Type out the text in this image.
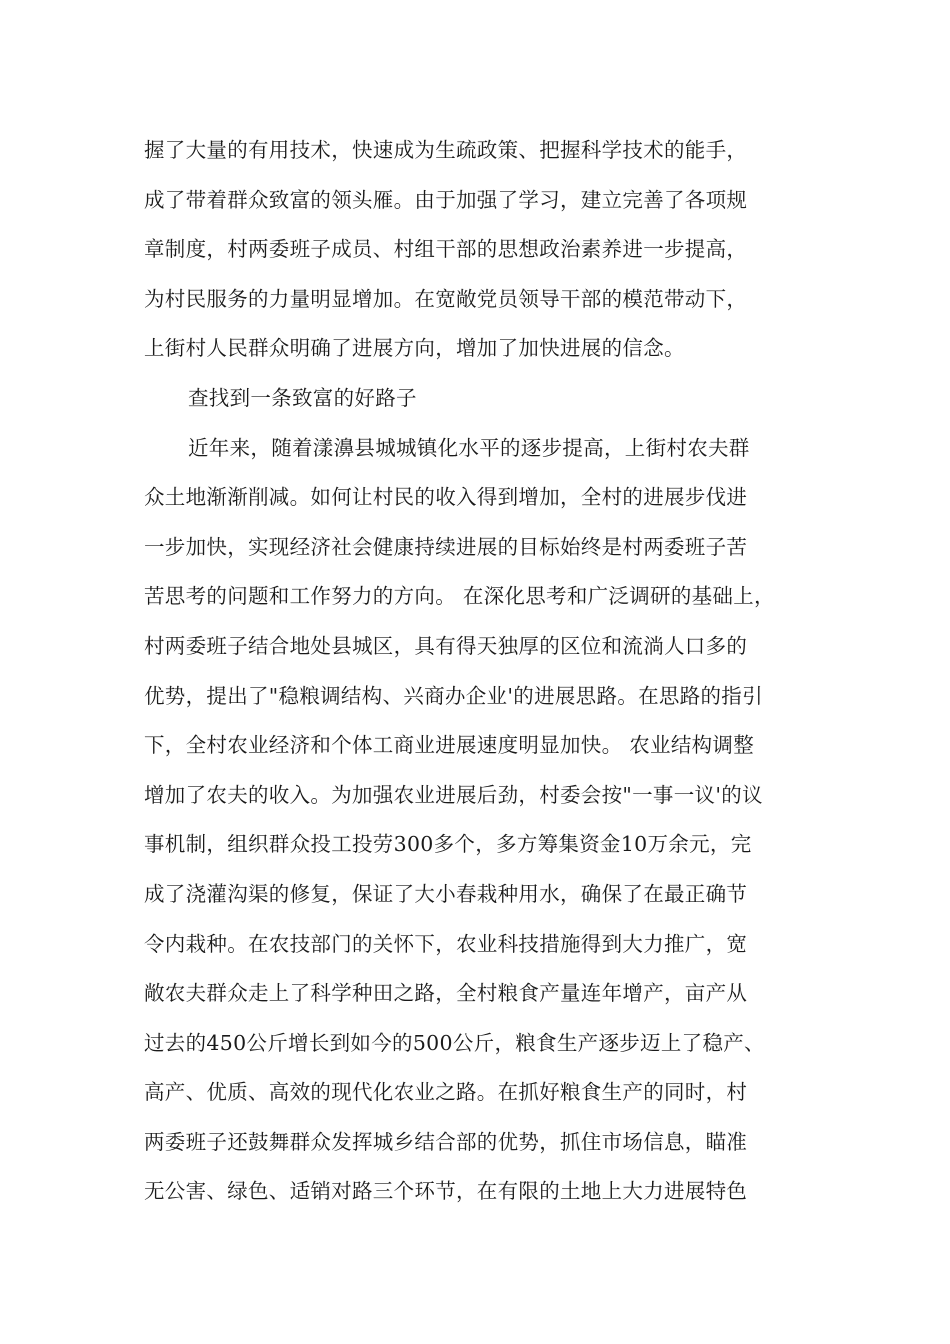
握了大量的有用技术，快速成为生疏政策、把握科学技术的能手，
成了带着群众致富的领头雁。由于加强了学习，建立完善了各项规
章制度，村两委班子成员、村组干部的思想政治素养进一步提高，
为村民服务的力量明显增加。在宽敞党员领导干部的模范带动下，
上街村人民群众明确了进展方向，增加了加快进展的信念。
查找到一条致富的好路子
近年来，随着漾濞县城城镇化水平的逐步提高，上街村农夫群
众土地渐渐削减。如何让村民的收入得到增加，全村的进展步伐进
一步加快，实现经济社会健康持续进展的目标始终是村两委班子苦
苦思考的问题和工作努力的方向。 在深化思考和广泛调研的基础上，
村两委班子结合地处县城区，具有得天独厚的区位和流淌人口多的
优势，提出了"稳粮调结构、兴商办企业'的进展思路。在思路的指引
下，全村农业经济和个体工商业进展速度明显加快。 农业结构调整
增加了农夫的收入。为加强农业进展后劲，村委会按"一事一议'的议
事机制，组织群众投工投劳300多个，多方筹集资金10万余元，完
成了浇灌沟渠的修复，保证了大小春栽种用水，确保了在最正确节
令内栽种。在农技部门的关怀下，农业科技措施得到大力推广，宽
敞农夫群众走上了科学种田之路，全村粮食产量连年增产，亩产从
过去的450公斤增长到如今的500公斤，粮食生产逐步迈上了稳产、
高产、优质、高效的现代化农业之路。在抓好粮食生产的同时，村
两委班子还鼓舞群众发挥城乡结合部的优势，抓住市场信息，瞄准
无公害、绿色、适销对路三个环节，在有限的土地上大力进展特色
